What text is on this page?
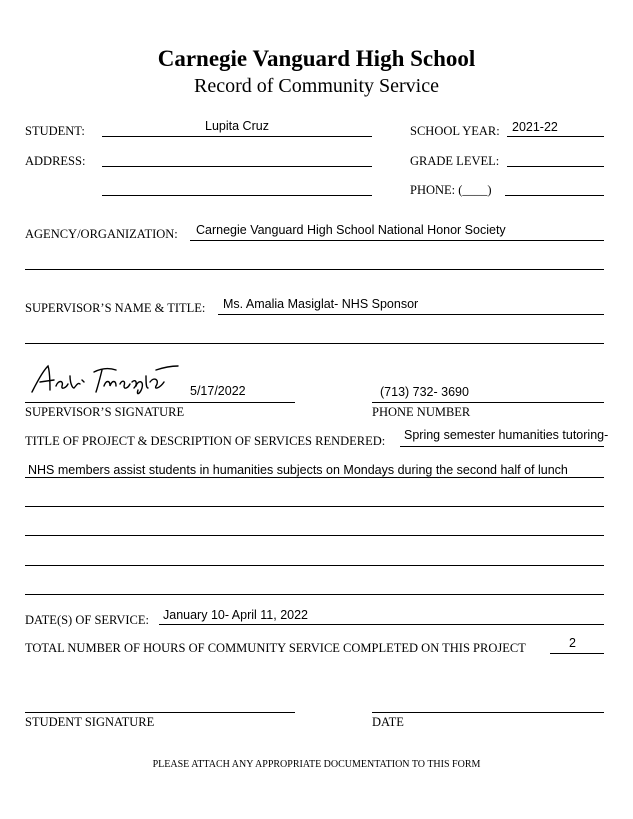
Carnegie Vanguard High School
Record of Community Service
STUDENT:	Lupita Cruz	SCHOOL YEAR: 2021-22
ADDRESS:	GRADE LEVEL:
PHONE: (____)
AGENCY/ORGANIZATION: Carnegie Vanguard High School National Honor Society
SUPERVISOR’S NAME & TITLE: Ms. Amalia Masiglat- NHS Sponsor
5/17/2022
SUPERVISOR’S SIGNATURE
(713) 732- 3690
PHONE NUMBER
TITLE OF PROJECT & DESCRIPTION OF SERVICES RENDERED: Spring semester humanities tutoring-
NHS members assist students in humanities subjects on Mondays during the second half of lunch
DATE(S) OF SERVICE: January 10- April 11, 2022
TOTAL NUMBER OF HOURS OF COMMUNITY SERVICE COMPLETED ON THIS PROJECT	2
STUDENT SIGNATURE	DATE
PLEASE ATTACH ANY APPROPRIATE DOCUMENTATION TO THIS FORM
